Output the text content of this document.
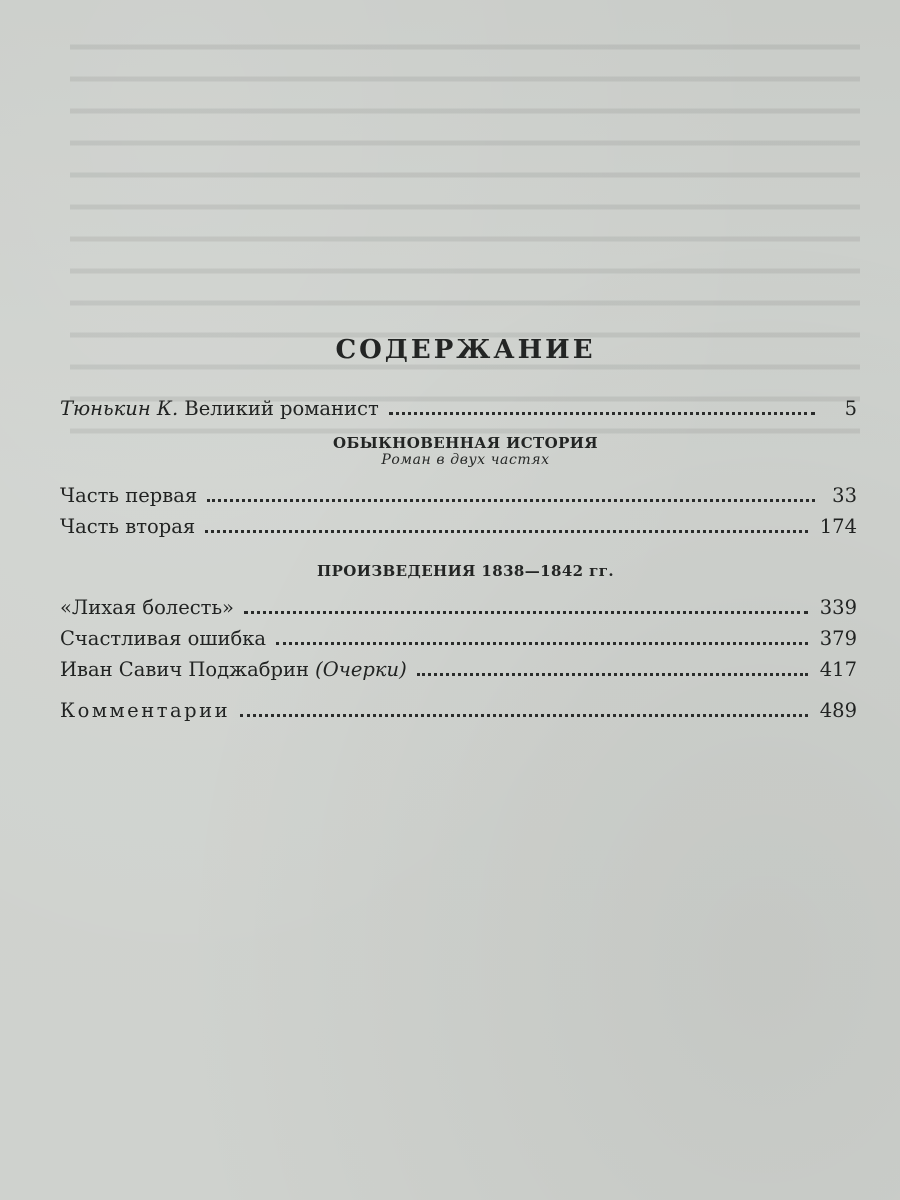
СОДЕРЖАНИЕ
Тюнькин К. Великий романист	5
ОБЫКНОВЕННАЯ ИСТОРИЯ
Роман в двух частях
Часть первая	33
Часть вторая	174
ПРОИЗВЕДЕНИЯ 1838—1842 гг.
«Лихая болесть»	339
Счастливая ошибка	379
Иван Савич Поджабрин (Очерки)	417
Комментарии	489
